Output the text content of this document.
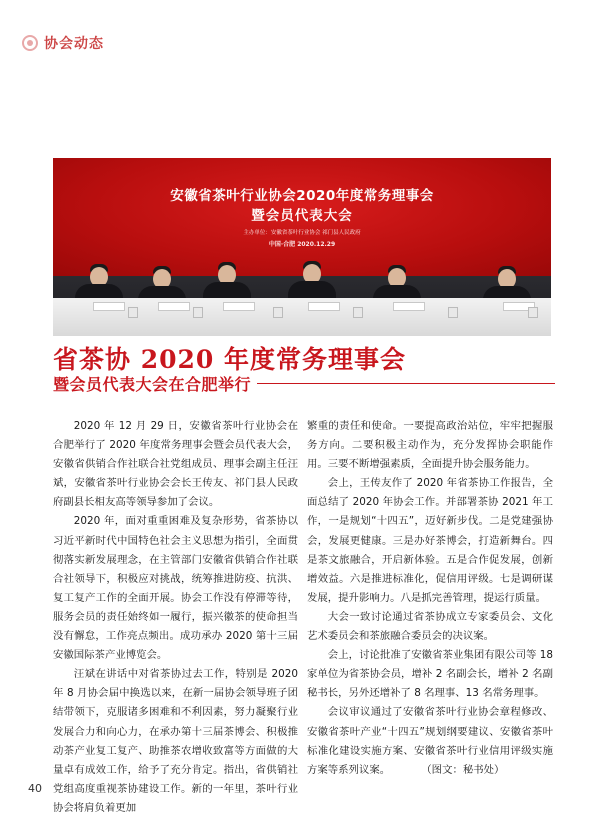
协会动态
安徽省茶叶行业协会2020年度常务理事会
暨会员代表大会
主办单位：安徽省茶叶行业协会 祁门县人民政府
中国·合肥 2020.12.29
省茶协 2020 年度常务理事会
暨会员代表大会在合肥举行

2020 年 12 月 29 日，安徽省茶叶行业协会在合肥举行了 2020 年度常务理事会暨会员代表大会，安徽省供销合作社联合社党组成员、理事会副主任汪斌，安徽省茶叶行业协会会长王传友、祁门县人民政府副县长相友高等领导参加了会议。

2020 年，面对重重困难及复杂形势，省茶协以习近平新时代中国特色社会主义思想为指引，全面贯彻落实新发展理念，在主管部门安徽省供销合作社联合社领导下，积极应对挑战，统筹推进防疫、抗洪、复工复产工作的全面开展。协会工作没有停滞等待，服务会员的责任始终如一履行，振兴徽茶的使命担当没有懈怠，工作亮点频出。成功承办 2020 第十三届安徽国际茶产业博览会。

汪斌在讲话中对省茶协过去工作，特别是 2020 年 8 月协会届中换选以来，在新一届协会领导班子团结带领下，克服诸多困难和不利因素，努力凝聚行业发展合力和向心力，在承办第十三届茶博会、积极推动茶产业复工复产、助推茶农增收致富等方面做的大量卓有成效工作，给予了充分肯定。指出，省供销社党组高度重视茶协建设工作。新的一年里，茶叶行业协会将肩负着更加

繁重的责任和使命。一要提高政治站位，牢牢把握服务方向。二要积极主动作为，充分发挥协会职能作用。三要不断增强素质，全面提升协会服务能力。

会上，王传友作了 2020 年省茶协工作报告，全面总结了 2020 年协会工作。并部署茶协 2021 年工作，一是规划“十四五”，迈好新步伐。二是党建强协会，发展更健康。三是办好茶博会，打造新舞台。四是茶文旅融合，开启新体验。五是合作促发展，创新增效益。六是推进标准化，促信用评级。七是调研谋发展，提升影响力。八是抓完善管理，提运行质量。

大会一致讨论通过省茶协成立专家委员会、文化艺术委员会和茶旅融合委员会的决议案。

会上，讨论批准了安徽省茶业集团有限公司等 18 家单位为省茶协会员，增补 2 名副会长，增补 2 名副秘书长，另外还增补了 8 名理事、13 名常务理事。

会议审议通过了安徽省茶叶行业协会章程修改、安徽省茶叶产业“十四五”规划纲要建议、安徽省茶叶标准化建设实施方案、安徽省茶叶行业信用评级实施方案等系列议案。　　　　（图文：秘书处）

40
